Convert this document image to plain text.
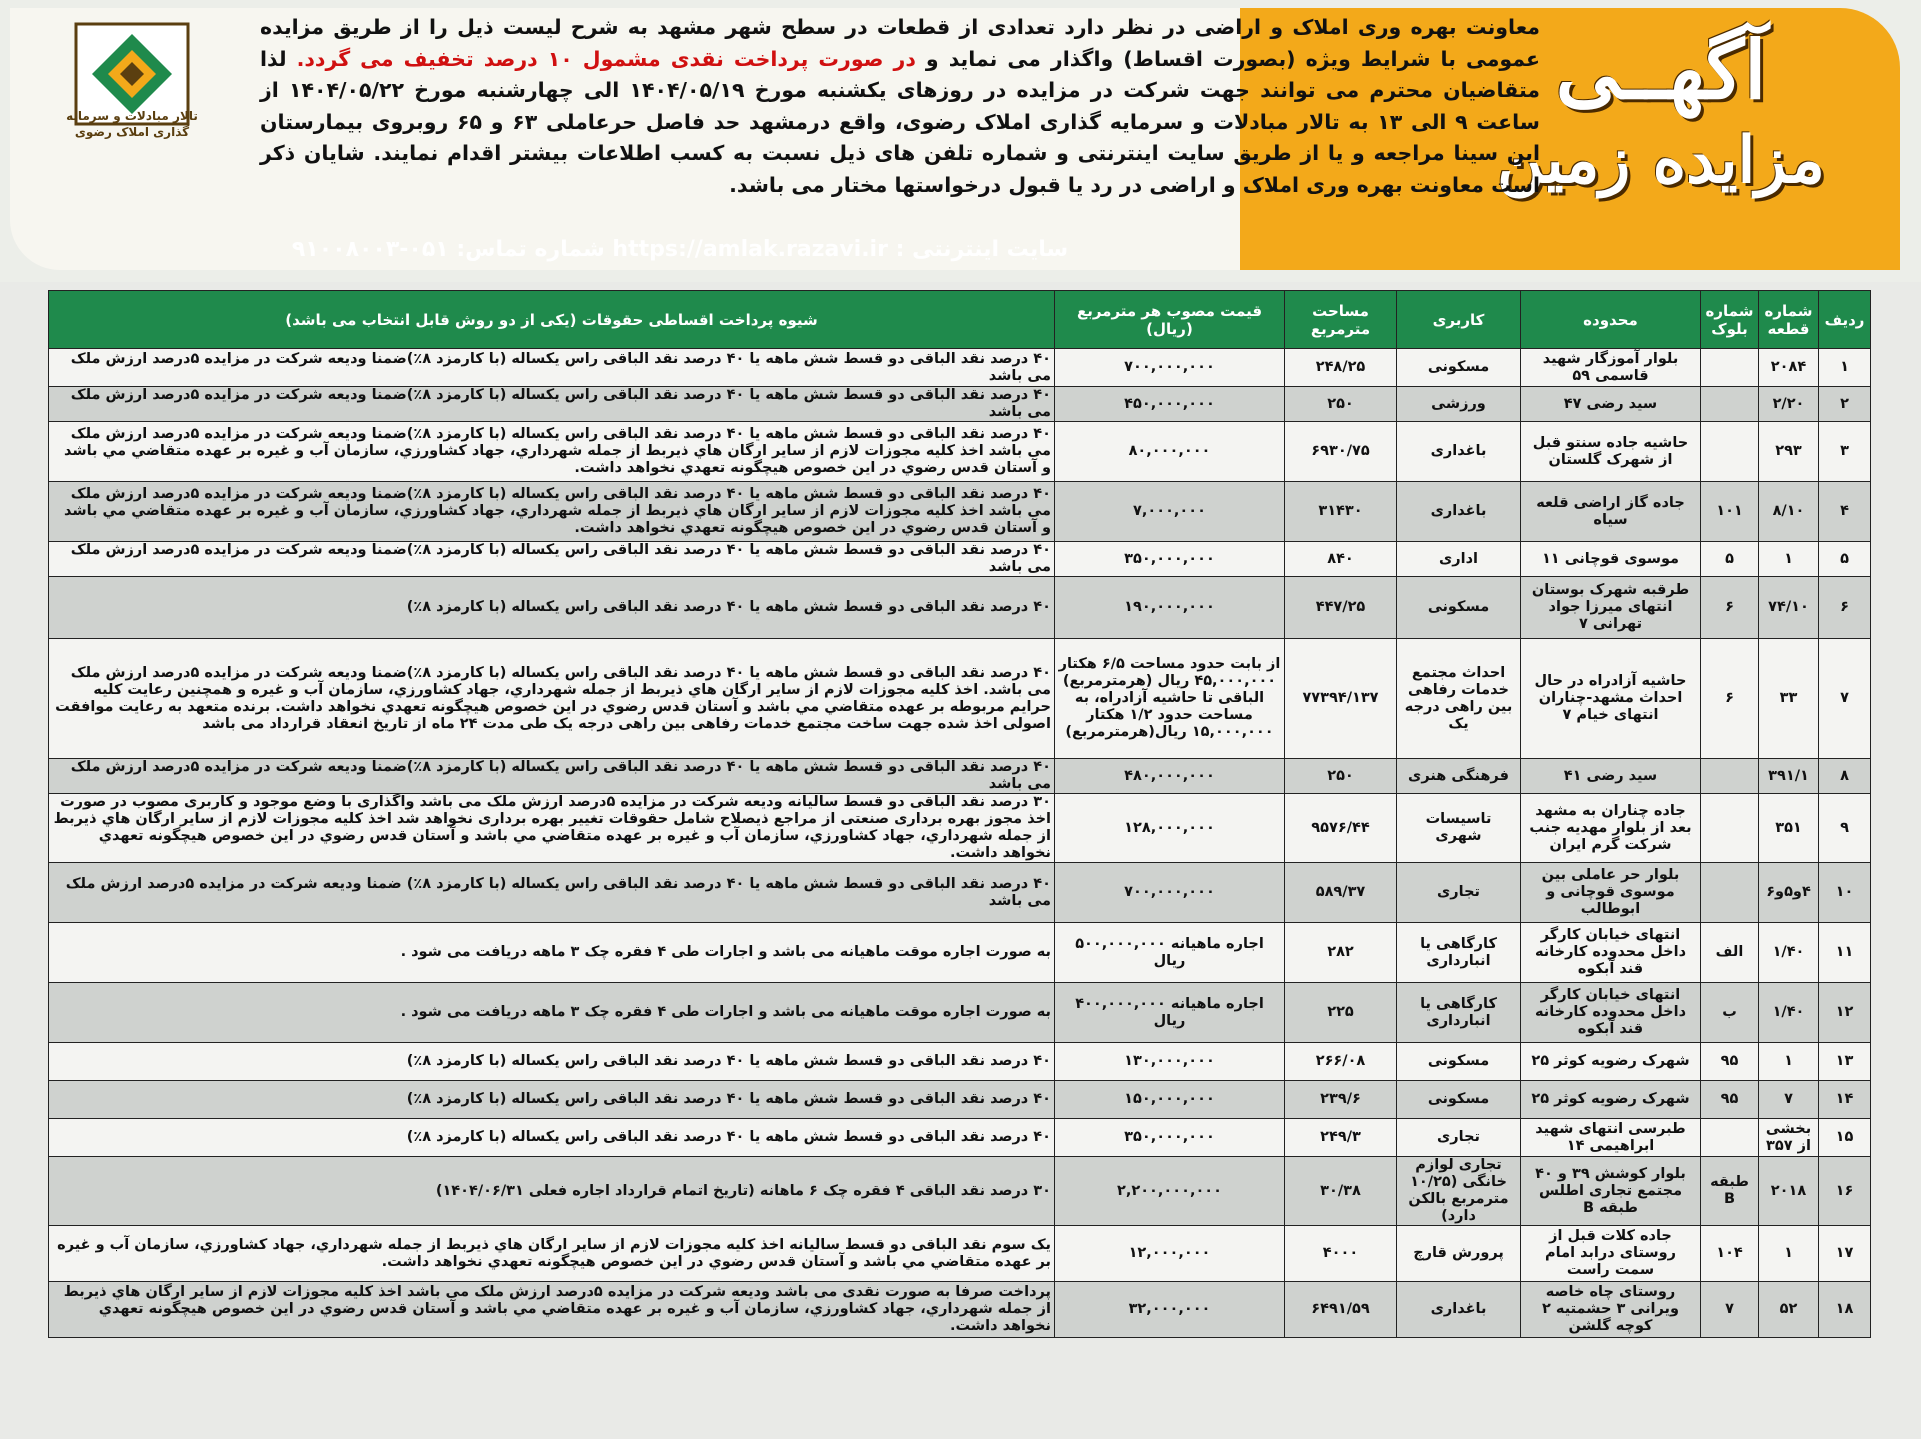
آگهــی
مزایده زمین
معاونت بهره وری املاک و اراضی در نظر دارد تعدادی از قطعات در سطح شهر مشهد به شرح لیست ذیل را از طریق مزایده عمومی با شرایط ویژه (بصورت اقساط) واگذار می نماید و در صورت پرداخت نقدی مشمول ۱۰ درصد تخفیف می گردد. لذا متقاضیان محترم می توانند جهت شرکت در مزایده در روزهای یکشنبه مورخ ۱۴۰۴/۰۵/۱۹ الی چهارشنبه مورخ ۱۴۰۴/۰۵/۲۲ از ساعت ۹ الی ۱۳ به تالار مبادلات و سرمایه گذاری املاک رضوی، واقع درمشهد حد فاصل حرعاملی ۶۳ و ۶۵ روبروی بیمارستان ابن سینا مراجعه و یا از طریق سایت اینترنتی و شماره تلفن های ذیل نسبت به کسب اطلاعات بیشتر اقدام نمایند. شایان ذکر است معاونت بهره وری املاک و اراضی در رد یا قبول درخواستها مختار می باشد.
تالار مبادلات و سرمایه گذاری املاک رضوی
سایت اینترنتی : https://amlak.razavi.ir شماره تماس: ۰۵۱-۹۱۰۰۸۰۰۳
ردیف	شماره قطعه	شماره بلوک	محدوده	کاربری	مساحت مترمربع	قیمت مصوب هر مترمربع (ریال)	شیوه پرداخت اقساطی حقوقات (یکی از دو روش قابل انتخاب می باشد)
۱	۲۰۸۴		بلوار آموزگار شهید قاسمی ۵۹	مسکونی	۲۴۸/۲۵	۷۰۰,۰۰۰,۰۰۰	۴۰ درصد نقد الباقی دو قسط شش ماهه یا ۴۰ درصد نقد الباقی راس یکساله (با کارمزد ۸٪)ضمنا ودیعه شرکت در مزایده ۵درصد ارزش ملک می باشد
۲	۲/۲۰		سید رضی ۴۷	ورزشی	۲۵۰	۴۵۰,۰۰۰,۰۰۰	۴۰ درصد نقد الباقی دو قسط شش ماهه یا ۴۰ درصد نقد الباقی راس یکساله (با کارمزد ۸٪)ضمنا ودیعه شرکت در مزایده ۵درصد ارزش ملک می باشد
۳	۲۹۳		حاشیه جاده سنتو قبل از شهرک گلستان	باغداری	۶۹۳۰/۷۵	۸۰,۰۰۰,۰۰۰	۴۰ درصد نقد الباقی دو قسط شش ماهه یا ۴۰ درصد نقد الباقی راس یکساله (با کارمزد ۸٪)ضمنا ودیعه شرکت در مزایده ۵درصد ارزش ملک می باشد اخذ کلیه مجوزات لازم از سایر ارگان هاي ذیربط از جمله شهرداري، جهاد کشاورزي، سازمان آب و غیره بر عهده متقاضي مي باشد و آستان قدس رضوي در این خصوص هیچگونه تعهدي نخواهد داشت.
۴	۸/۱۰	۱۰۱	جاده گاز اراضی قلعه سیاه	باغداری	۳۱۴۳۰	۷,۰۰۰,۰۰۰	۴۰ درصد نقد الباقی دو قسط شش ماهه یا ۴۰ درصد نقد الباقی راس یکساله (با کارمزد ۸٪)ضمنا ودیعه شرکت در مزایده ۵درصد ارزش ملک می باشد اخذ کلیه مجوزات لازم از سایر ارگان هاي ذیربط از جمله شهرداري، جهاد کشاورزي، سازمان آب و غیره بر عهده متقاضي مي باشد و آستان قدس رضوي در این خصوص هیچگونه تعهدي نخواهد داشت.
۵	۱	۵	موسوی قوچانی ۱۱	اداری	۸۴۰	۳۵۰,۰۰۰,۰۰۰	۴۰ درصد نقد الباقی دو قسط شش ماهه یا ۴۰ درصد نقد الباقی راس یکساله (با کارمزد ۸٪)ضمنا ودیعه شرکت در مزایده ۵درصد ارزش ملک می باشد
۶	۷۴/۱۰	۶	طرقبه شهرک بوستان انتهای میرزا جواد تهرانی ۷	مسکونی	۴۴۷/۲۵	۱۹۰,۰۰۰,۰۰۰	۴۰ درصد نقد الباقی دو قسط شش ماهه یا ۴۰ درصد نقد الباقی راس یکساله (با کارمزد ۸٪)
۷	۳۳	۶	حاشیه آزادراه در حال احداث مشهد-چناران انتهای خیام ۷	احداث مجتمع خدمات رفاهی بین راهی درجه یک	۷۷۳۹۴/۱۳۷	از بابت حدود مساحت ۶/۵ هکتار ۴۵,۰۰۰,۰۰۰ ریال (هرمترمربع) الباقی تا حاشیه آزادراه، به مساحت حدود ۱/۲ هکتار ۱۵,۰۰۰,۰۰۰ ریال(هرمترمربع)	۴۰ درصد نقد الباقی دو قسط شش ماهه یا ۴۰ درصد نقد الباقی راس یکساله (با کارمزد ۸٪)ضمنا ودیعه شرکت در مزایده ۵درصد ارزش ملک می باشد. اخذ کلیه مجوزات لازم از سایر ارگان هاي ذیربط از جمله شهرداري، جهاد کشاورزي، سازمان آب و غیره و همچنین رعایت کلیه حرایم مربوطه بر عهده متقاضي مي باشد و آستان قدس رضوي در این خصوص هیچگونه تعهدي نخواهد داشت. برنده متعهد به رعایت موافقت اصولی اخذ شده جهت ساخت مجتمع خدمات رفاهی بین راهی درجه یک طی مدت ۲۴ ماه از تاریخ انعقاد قرارداد می باشد
۸	۳۹۱/۱		سید رضی ۴۱	فرهنگی هنری	۲۵۰	۴۸۰,۰۰۰,۰۰۰	۴۰ درصد نقد الباقی دو قسط شش ماهه یا ۴۰ درصد نقد الباقی راس یکساله (با کارمزد ۸٪)ضمنا ودیعه شرکت در مزایده ۵درصد ارزش ملک می باشد
۹	۳۵۱		جاده چناران به مشهد بعد از بلوار مهدیه جنب شرکت گرم ایران	تاسیسات شهری	۹۵۷۶/۴۴	۱۲۸,۰۰۰,۰۰۰	۳۰ درصد نقد الباقی دو قسط سالیانه ودیعه شرکت در مزایده ۵درصد ارزش ملک می باشد واگذاری با وضع موجود و کاربری مصوب در صورت اخذ مجوز بهره برداری صنعتی از مراجع ذیصلاح شامل حقوقات تغییر بهره برداری نخواهد شد اخذ کلیه مجوزات لازم از سایر ارگان هاي ذیربط از جمله شهرداري، جهاد کشاورزي، سازمان آب و غیره بر عهده متقاضي مي باشد و آستان قدس رضوي در این خصوص هیچگونه تعهدي نخواهد داشت.
۱۰	۴و۵و۶		بلوار حر عاملی بین موسوی قوچانی و ابوطالب	تجاری	۵۸۹/۳۷	۷۰۰,۰۰۰,۰۰۰	۴۰ درصد نقد الباقی دو قسط شش ماهه یا ۴۰ درصد نقد الباقی راس یکساله (با کارمزد ۸٪) ضمنا ودیعه شرکت در مزایده ۵درصد ارزش ملک می باشد
۱۱	۱/۴۰	الف	انتهای خیابان کارگر داخل محدوده کارخانه قند آبکوه	کارگاهی یا انبارداری	۲۸۲	اجاره ماهیانه ۵۰۰,۰۰۰,۰۰۰ ریال	به صورت اجاره موقت ماهیانه می باشد و اجارات طی ۴ فقره چک ۳ ماهه دریافت می شود .
۱۲	۱/۴۰	ب	انتهای خیابان کارگر داخل محدوده کارخانه قند آبکوه	کارگاهی یا انبارداری	۲۲۵	اجاره ماهیانه ۴۰۰,۰۰۰,۰۰۰ ریال	به صورت اجاره موقت ماهیانه می باشد و اجارات طی ۴ فقره چک ۳ ماهه دریافت می شود .
۱۳	۱	۹۵	شهرک رضویه کوثر ۲۵	مسکونی	۲۶۶/۰۸	۱۳۰,۰۰۰,۰۰۰	۴۰ درصد نقد الباقی دو قسط شش ماهه یا ۴۰ درصد نقد الباقی راس یکساله (با کارمزد ۸٪)
۱۴	۷	۹۵	شهرک رضویه کوثر ۲۵	مسکونی	۲۳۹/۶	۱۵۰,۰۰۰,۰۰۰	۴۰ درصد نقد الباقی دو قسط شش ماهه یا ۴۰ درصد نقد الباقی راس یکساله (با کارمزد ۸٪)
۱۵	بخشی از ۳۵۷		طبرسی انتهای شهید ابراهیمی ۱۴	تجاری	۲۴۹/۳	۳۵۰,۰۰۰,۰۰۰	۴۰ درصد نقد الباقی دو قسط شش ماهه یا ۴۰ درصد نقد الباقی راس یکساله (با کارمزد ۸٪)
۱۶	۲۰۱۸	طبقه B	بلوار کوشش ۳۹ و ۴۰ مجتمع تجاری اطلس طبقه B	تجاری لوازم خانگی (۱۰/۲۵ مترمربع بالکن دارد)	۳۰/۳۸	۲,۲۰۰,۰۰۰,۰۰۰	۳۰ درصد نقد الباقی ۴ فقره چک ۶ ماهانه (تاریخ اتمام قرارداد اجاره فعلی ۱۴۰۴/۰۶/۳۱)
۱۷	۱	۱۰۴	جاده کلات قبل از روستای درابد امام سمت راست	پرورش قارچ	۴۰۰۰	۱۲,۰۰۰,۰۰۰	یک سوم نقد الباقی دو قسط سالیانه اخذ کلیه مجوزات لازم از سایر ارگان هاي ذیربط از جمله شهرداري، جهاد کشاورزي، سازمان آب و غیره بر عهده متقاضي مي باشد و آستان قدس رضوي در این خصوص هیچگونه تعهدي نخواهد داشت.
۱۸	۵۲	۷	روستای چاه خاصه ویرانی ۳ حشمتیه ۲ کوچه گلشن	باغداری	۶۴۹۱/۵۹	۳۲,۰۰۰,۰۰۰	پرداخت صرفا به صورت نقدی می باشد ودیعه شرکت در مزایده ۵درصد ارزش ملک می باشد اخذ کلیه مجوزات لازم از سایر ارگان هاي ذیربط از جمله شهرداري، جهاد کشاورزي، سازمان آب و غیره بر عهده متقاضي مي باشد و آستان قدس رضوي در این خصوص هیچگونه تعهدي نخواهد داشت.
